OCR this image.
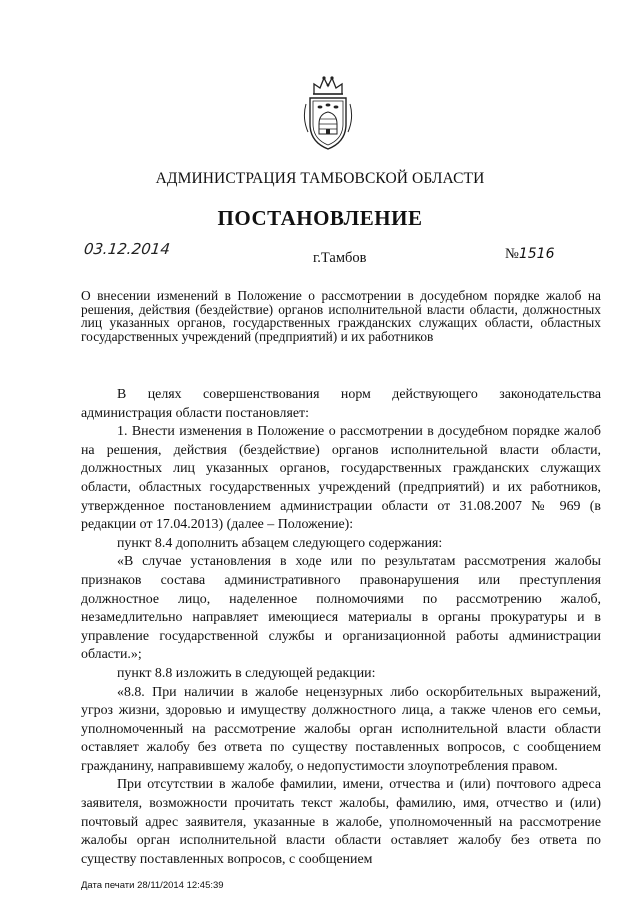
АДМИНИСТРАЦИЯ ТАМБОВСКОЙ ОБЛАСТИ
ПОСТАНОВЛЕНИЕ
03.12.2014	г.Тамбов	№1516
О внесении изменений в Положение о рассмотрении в досудебном порядке жалоб на решения, действия (бездействие) органов исполнительной власти области, должностных лиц указанных органов, государственных гражданских служащих области, областных государственных учреждений (предприятий) и их работников

В целях совершенствования норм действующего законодательства администрация области постановляет:

1. Внести изменения в Положение о рассмотрении в досудебном порядке жалоб на решения, действия (бездействие) органов исполнительной власти области, должностных лиц указанных органов, государственных гражданских служащих области, областных государственных учреждений (предприятий) и их работников, утвержденное постановлением администрации области от 31.08.2007 № 969 (в редакции от 17.04.2013) (далее – Положение):

пункт 8.4 дополнить абзацем следующего содержания:

«В случае установления в ходе или по результатам рассмотрения жалобы признаков состава административного правонарушения или преступления должностное лицо, наделенное полномочиями по рассмотрению жалоб, незамедлительно направляет имеющиеся материалы в органы прокуратуры и в управление государственной службы и организационной работы администрации области.»;

пункт 8.8 изложить в следующей редакции:

«8.8. При наличии в жалобе нецензурных либо оскорбительных выражений, угроз жизни, здоровью и имуществу должностного лица, а также членов его семьи, уполномоченный на рассмотрение жалобы орган исполнительной власти области оставляет жалобу без ответа по существу поставленных вопросов, с сообщением гражданину, направившему жалобу, о недопустимости злоупотребления правом.

При отсутствии в жалобе фамилии, имени, отчества и (или) почтового адреса заявителя, возможности прочитать текст жалобы, фамилию, имя, отчество и (или) почтовый адрес заявителя, указанные в жалобе, уполномоченный на рассмотрение жалобы орган исполнительной власти области оставляет жалобу без ответа по существу поставленных вопросов, с сообщением

Дата печати 28/11/2014 12:45:39
